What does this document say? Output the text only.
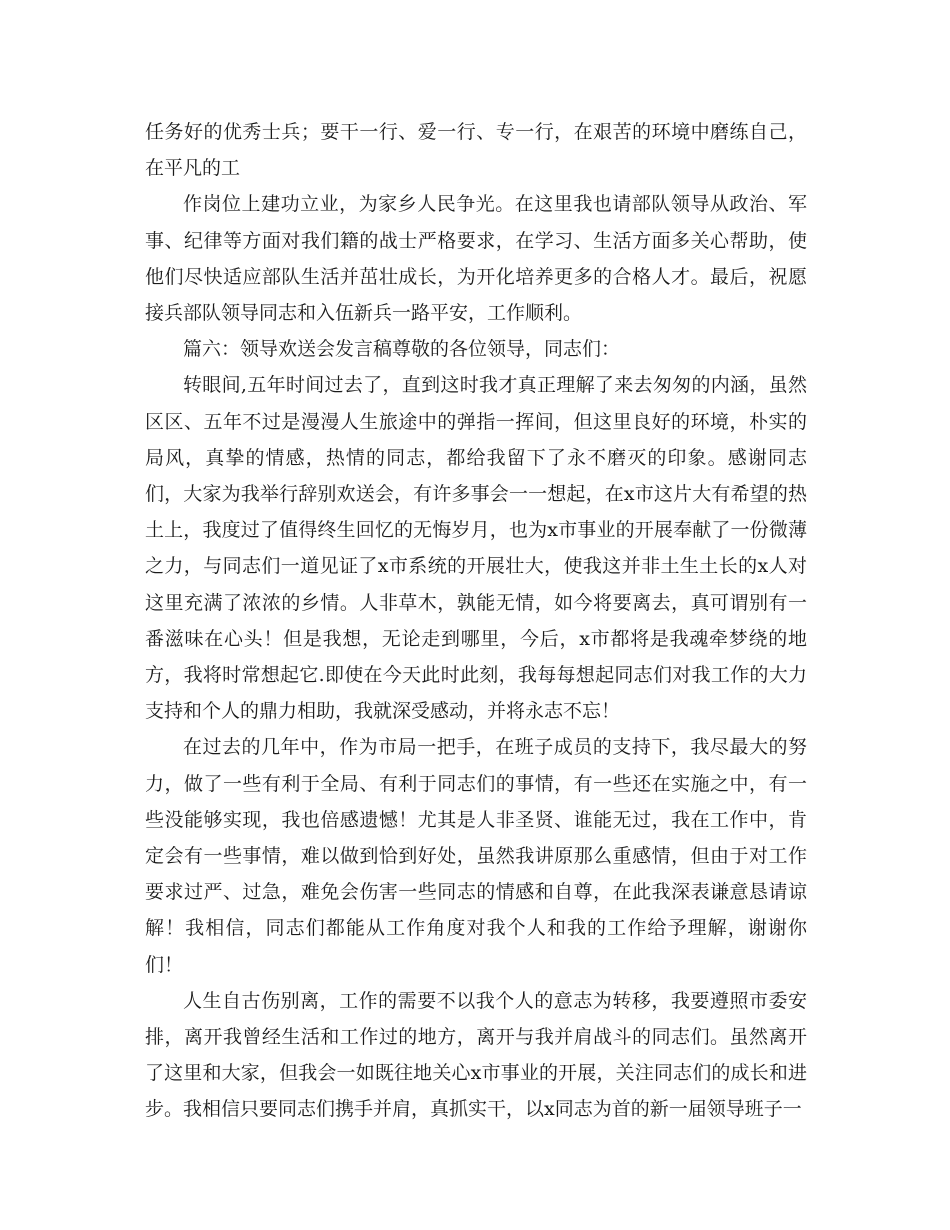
任务好的优秀士兵；要干一行、爱一行、专一行，在艰苦的环境中磨练自己，在平凡的工

作岗位上建功立业，为家乡人民争光。在这里我也请部队领导从政治、军事、纪律等方面对我们籍的战士严格要求，在学习、生活方面多关心帮助，使他们尽快适应部队生活并茁壮成长，为开化培养更多的合格人才。最后，祝愿接兵部队领导同志和入伍新兵一路平安，工作顺利。

篇六：领导欢送会发言稿尊敬的各位领导，同志们：

转眼间,五年时间过去了，直到这时我才真正理解了来去匆匆的内涵，虽然区区、五年不过是漫漫人生旅途中的弹指一挥间，但这里良好的环境，朴实的局风，真挚的情感，热情的同志，都给我留下了永不磨灭的印象。感谢同志们，大家为我举行辞别欢送会，有许多事会一一想起，在x市这片大有希望的热土上，我度过了值得终生回忆的无悔岁月，也为x市事业的开展奉献了一份微薄之力，与同志们一道见证了x市系统的开展壮大，使我这并非土生土长的x人对这里充满了浓浓的乡情。人非草木，孰能无情，如今将要离去，真可谓别有一番滋味在心头！但是我想，无论走到哪里，今后，x市都将是我魂牵梦绕的地方，我将时常想起它.即使在今天此时此刻，我每每想起同志们对我工作的大力支持和个人的鼎力相助，我就深受感动，并将永志不忘！

在过去的几年中，作为市局一把手，在班子成员的支持下，我尽最大的努力，做了一些有利于全局、有利于同志们的事情，有一些还在实施之中，有一些没能够实现，我也倍感遗憾！尤其是人非圣贤、谁能无过，我在工作中，肯定会有一些事情，难以做到恰到好处，虽然我讲原那么重感情，但由于对工作要求过严、过急，难免会伤害一些同志的情感和自尊，在此我深表谦意恳请谅解！我相信，同志们都能从工作角度对我个人和我的工作给予理解，谢谢你们！

人生自古伤别离，工作的需要不以我个人的意志为转移，我要遵照市委安排，离开我曾经生活和工作过的地方，离开与我并肩战斗的同志们。虽然离开了这里和大家，但我会一如既往地关心x市事业的开展，关注同志们的成长和进步。我相信只要同志们携手并肩，真抓实干，以x同志为首的新一届领导班子一
